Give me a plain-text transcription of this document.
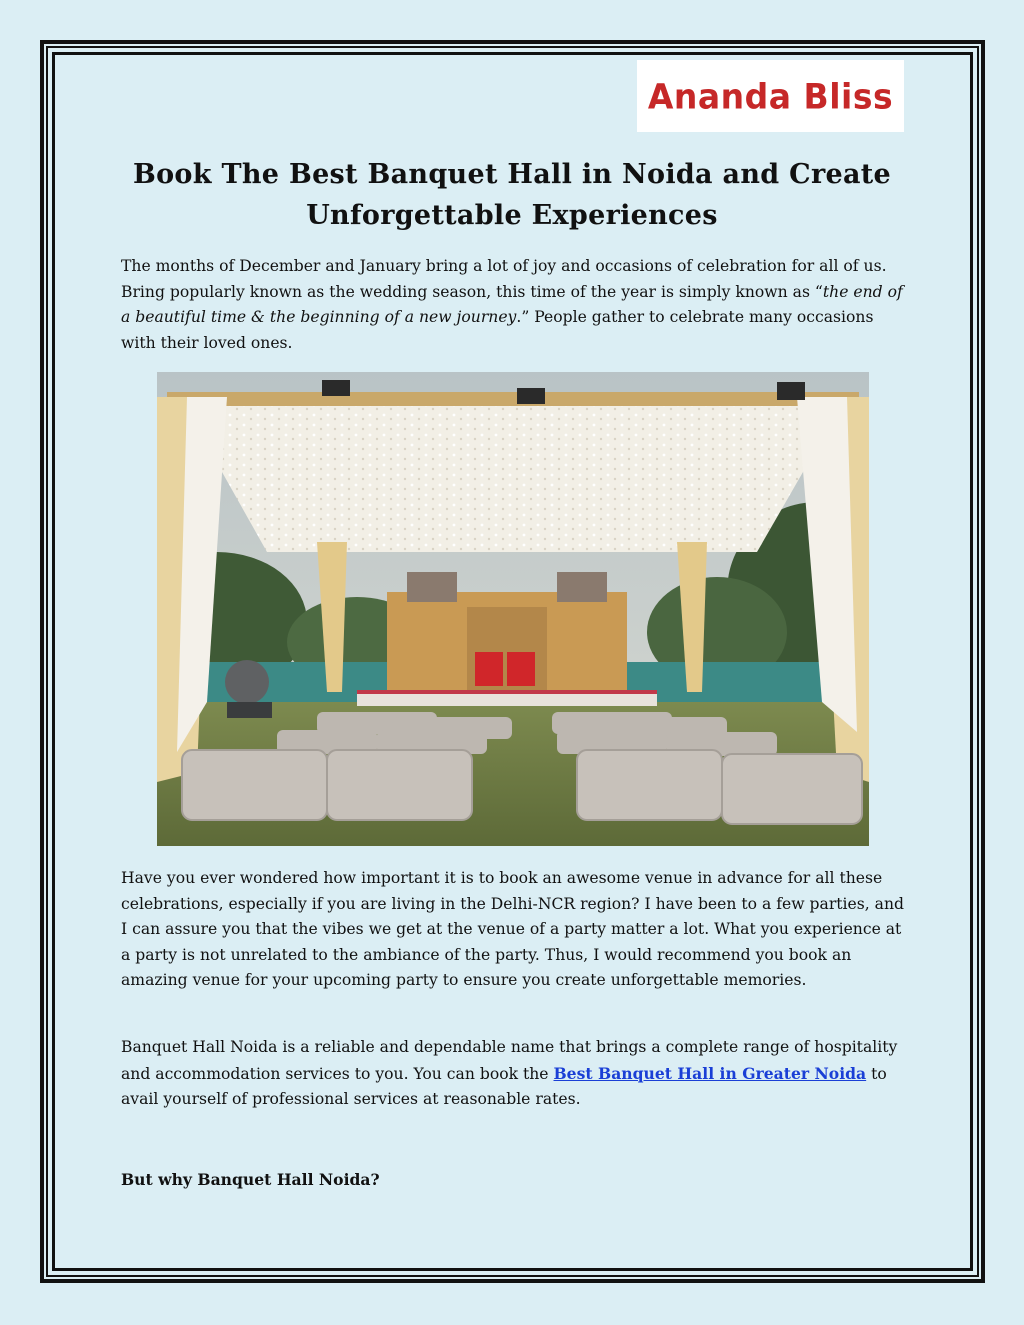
Ananda Bliss
Book The Best Banquet Hall in Noida and Create Unforgettable Experiences
The months of December and January bring a lot of joy and occasions of celebration for all of us. Bring popularly known as the wedding season, this time of the year is simply known as “the end of a beautiful time & the beginning of a new journey.” People gather to celebrate many occasions with their loved ones.
Have you ever wondered how important it is to book an awesome venue in advance for all these celebrations, especially if you are living in the Delhi-NCR region? I have been to a few parties, and I can assure you that the vibes we get at the venue of a party matter a lot. What you experience at a party is not unrelated to the ambiance of the party. Thus, I would recommend you book an amazing venue for your upcoming party to ensure you create unforgettable memories.
Banquet Hall Noida is a reliable and dependable name that brings a complete range of hospitality and accommodation services to you. You can book the Best Banquet Hall in Greater Noida to avail yourself of professional services at reasonable rates.
But why Banquet Hall Noida?
